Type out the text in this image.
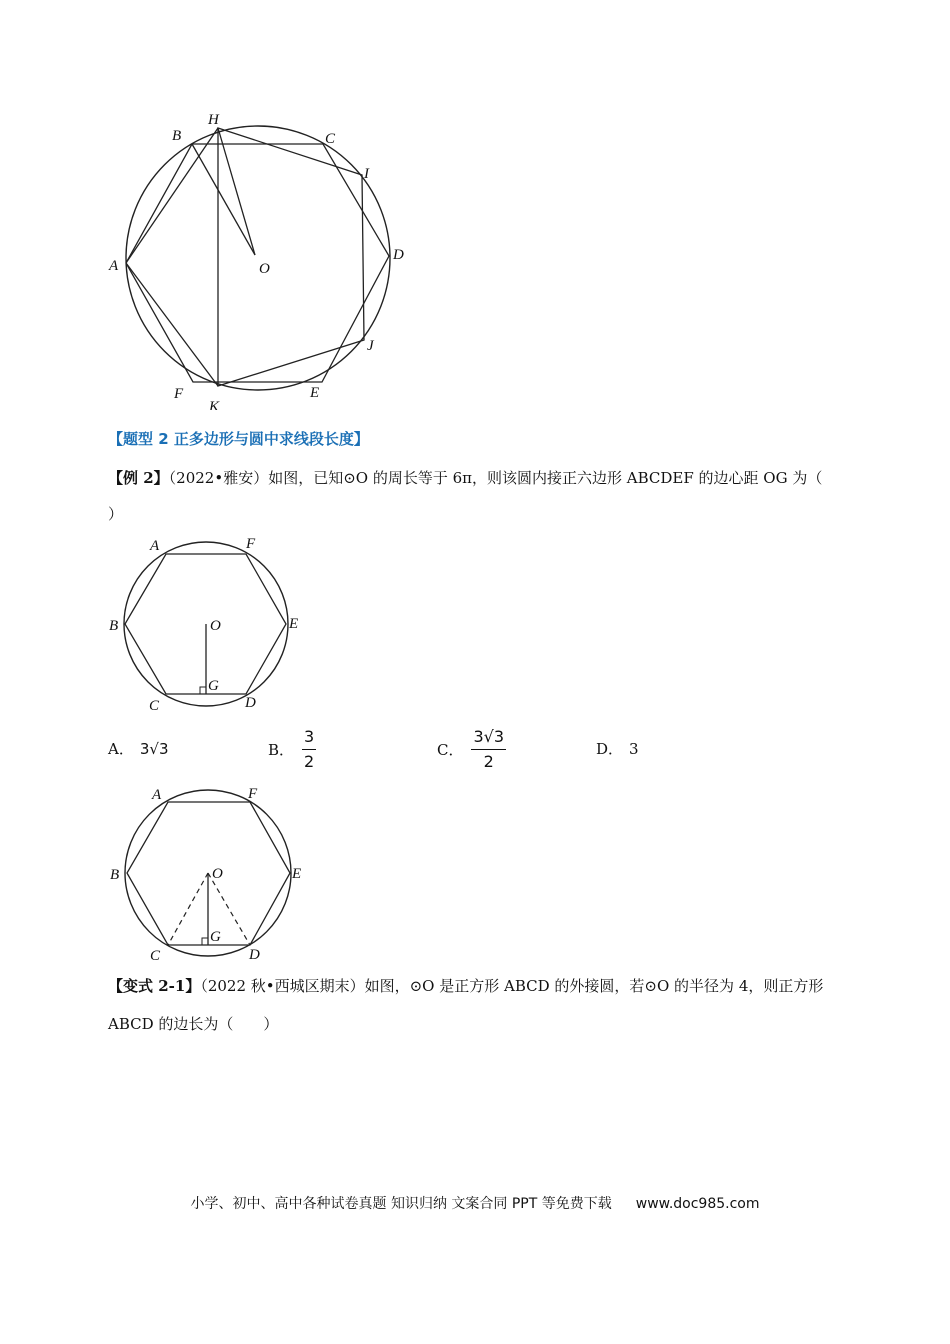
H
B	C
I
A	O
D
J
F
K
E
【题型 2 正多边形与圆中求线段长度】
【例 2】（2022•雅安）如图，已知⊙O 的周长等于 6π，则该圆内接正六边形 ABCDEF 的边心距 OG 为（
）
A	F
B	O	E
G
C	D
A． 3√3	B． $\frac{3}{2}$	C． $\frac{3√3}{2}$	D． 3
A	F
B	O	E
G
C	D
【变式 2-1】（2022 秋•西城区期末）如图，⊙O 是正方形 ABCD 的外接圆，若⊙O 的半径为 4，则正方形
ABCD 的边长为（　　）
小学、初中、高中各种试卷真题 知识归纳 文案合同 PPT 等免费下载 www.doc985.com
